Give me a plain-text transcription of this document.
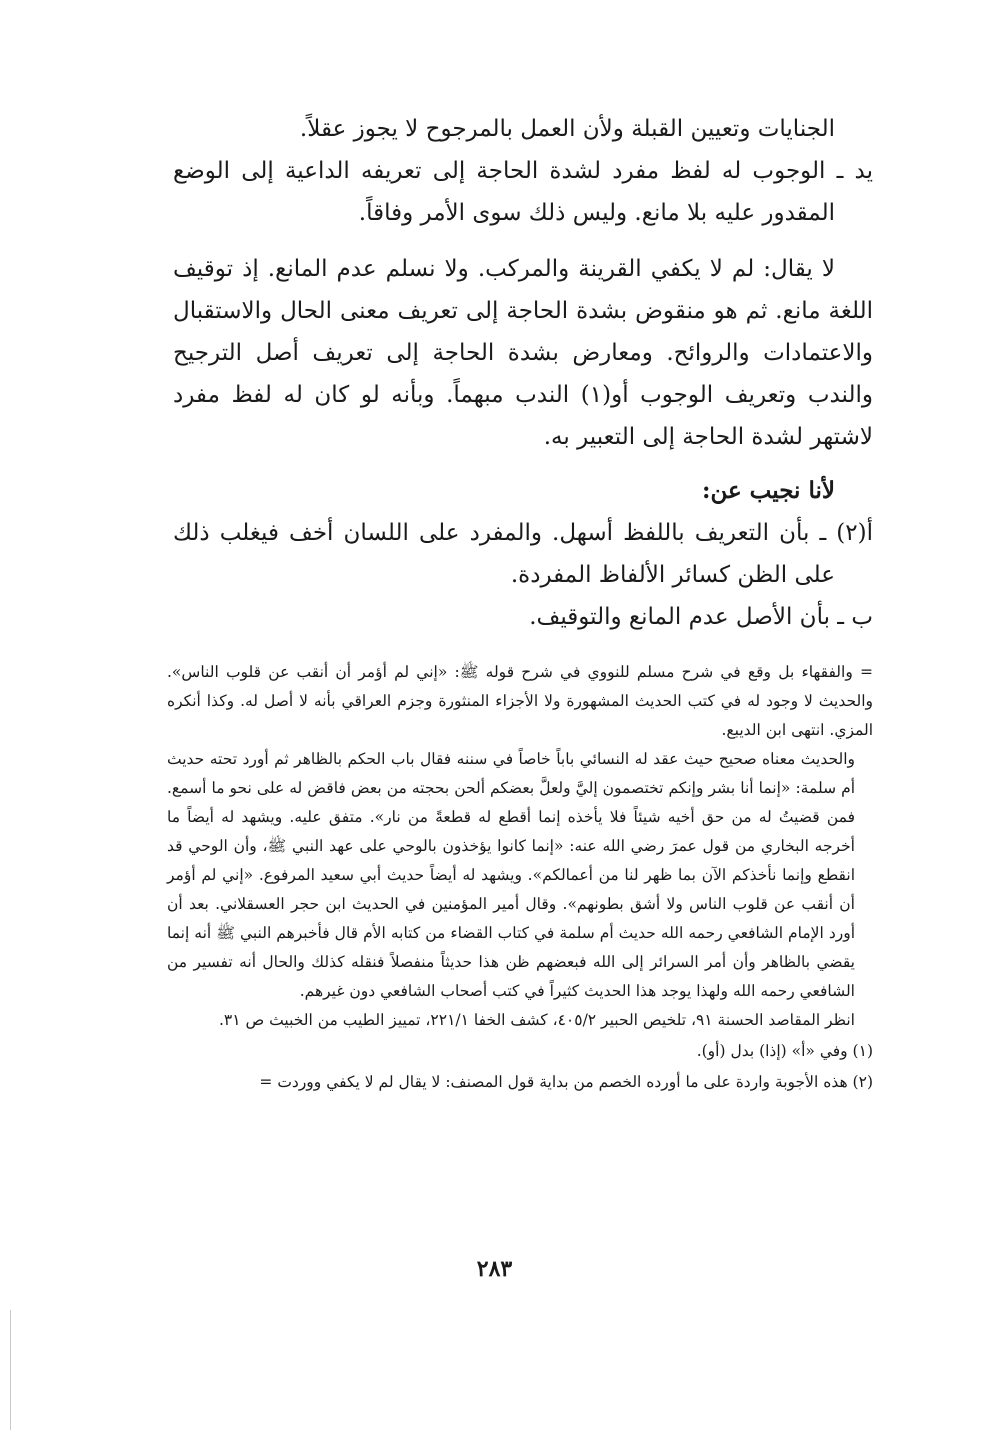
الجنايات وتعيين القبلة ولأن العمل بالمرجوح لا يجوز عقلاً.

يد ـ الوجوب له لفظ مفرد لشدة الحاجة إلى تعريفه الداعية إلى الوضع المقدور عليه بلا مانع. وليس ذلك سوى الأمر وفاقاً.

لا يقال: لم لا يكفي القرينة والمركب. ولا نسلم عدم المانع. إذ توقيف اللغة مانع. ثم هو منقوض بشدة الحاجة إلى تعريف معنى الحال والاستقبال والاعتمادات والروائح. ومعارض بشدة الحاجة إلى تعريف أصل الترجيح والندب وتعريف الوجوب أو(١) الندب مبهماً. وبأنه لو كان له لفظ مفرد لاشتهر لشدة الحاجة إلى التعبير به.

لأنا نجيب عن:

أ(٢) ـ بأن التعريف باللفظ أسهل. والمفرد على اللسان أخف فيغلب ذلك على الظن كسائر الألفاظ المفردة.

ب ـ بأن الأصل عدم المانع والتوقيف.

= والفقهاء بل وقع في شرح مسلم للنووي في شرح قوله ﷺ: «إني لم أؤمر أن أنقب عن قلوب الناس». والحديث لا وجود له في كتب الحديث المشهورة ولا الأجزاء المنثورة وجزم العراقي بأنه لا أصل له. وكذا أنكره المزي. انتهى ابن الديبع.

والحديث معناه صحيح حيث عقد له النسائي باباً خاصاً في سننه فقال باب الحكم بالظاهر ثم أورد تحته حديث أم سلمة: «إنما أنا بشر وإنكم تختصمون إليَّ ولعلَّ بعضكم ألحن بحجته من بعض فاقض له على نحو ما أسمع. فمن قضيتُ له من حق أخيه شيئاً فلا يأخذه إنما أقطع له قطعةً من نار». متفق عليه. ويشهد له أيضاً ما أخرجه البخاري من قول عمرَ رضي الله عنه: «إنما كانوا يؤخذون بالوحي على عهد النبي ﷺ، وأن الوحي قد انقطع وإنما نأخذكم الآن بما ظهر لنا من أعمالكم». ويشهد له أيضاً حديث أبي سعيد المرفوع. «إني لم أؤمر أن أنقب عن قلوب الناس ولا أشق بطونهم». وقال أمير المؤمنين في الحديث ابن حجر العسقلاني. بعد أن أورد الإمام الشافعي رحمه الله حديث أم سلمة في كتاب القضاء من كتابه الأم قال فأخبرهم النبي ﷺ أنه إنما يقضي بالظاهر وأن أمر السرائر إلى الله فبعضهم ظن هذا حديثاً منفصلاً فنقله كذلك والحال أنه تفسير من الشافعي رحمه الله ولهذا يوجد هذا الحديث كثيراً في كتب أصحاب الشافعي دون غيرهم.

انظر المقاصد الحسنة ٩١، تلخيص الحبير ٤٠٥/٢، كشف الخفا ٢٢١/١، تمييز الطيب من الخبيث ص ٣١.

(١) وفي «أ» (إذا) بدل (أو).

(٢) هذه الأجوبة واردة على ما أورده الخصم من بداية قول المصنف: لا يقال لم لا يكفي ووردت =

٢٨٣
